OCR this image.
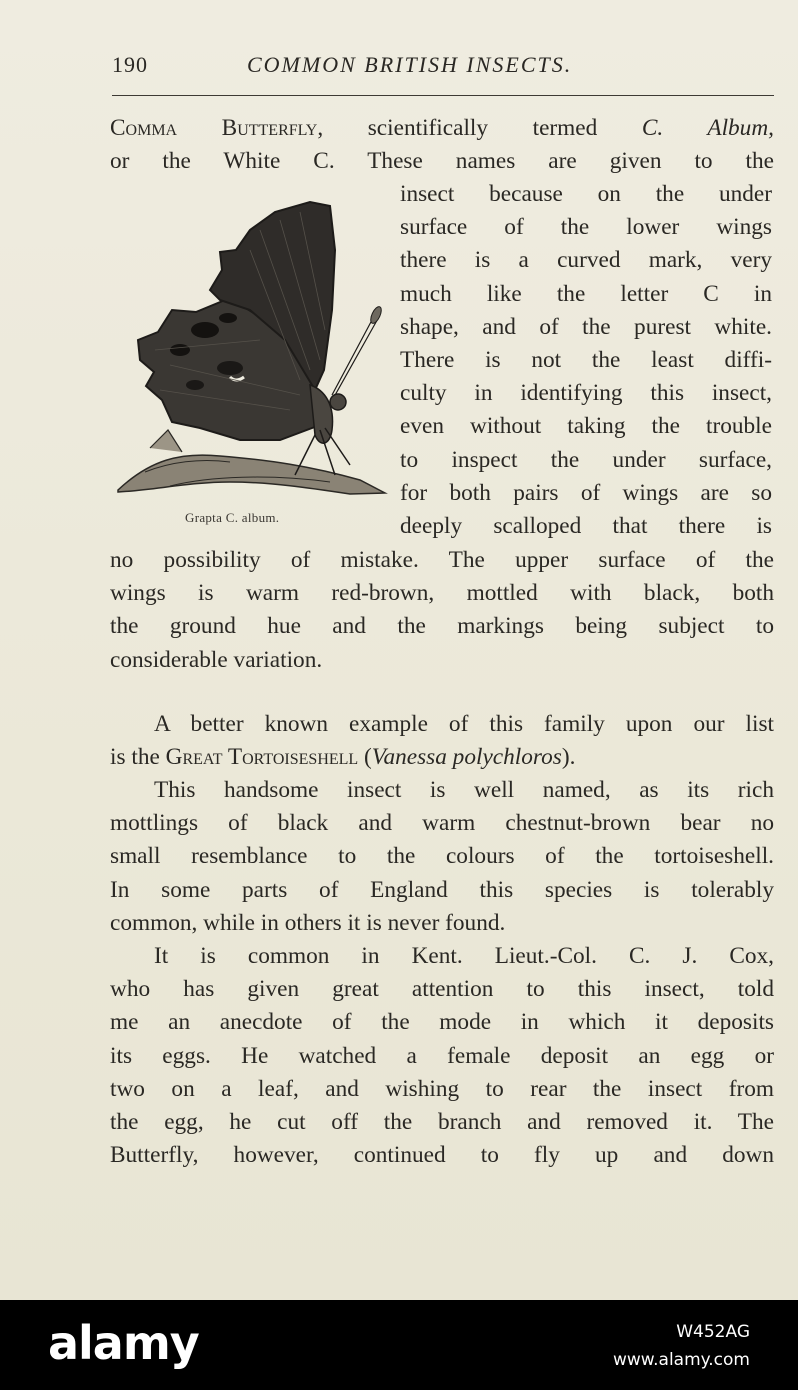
190	COMMON BRITISH INSECTS.
Comma Butterfly, scientifically termed C. Album,
or the White C. These names are given to the
insect because on the under
surface of the lower wings
there is a curved mark, very
much like the letter C in
shape, and of the purest white.
There is not the least diffi-
culty in identifying this insect,
even without taking the trouble
to inspect the under surface,
for both pairs of wings are so
deeply scalloped that there is
Grapta C. album.
no possibility of mistake. The upper surface of the
wings is warm red-brown, mottled with black, both
the ground hue and the markings being subject to
considerable variation.
A better known example of this family upon our list
is the Great Tortoiseshell (Vanessa polychloros).
This handsome insect is well named, as its rich
mottlings of black and warm chestnut-brown bear no
small resemblance to the colours of the tortoiseshell.
In some parts of England this species is tolerably
common, while in others it is never found.
It is common in Kent. Lieut.-Col. C. J. Cox,
who has given great attention to this insect, told
me an anecdote of the mode in which it deposits
its eggs. He watched a female deposit an egg or
two on a leaf, and wishing to rear the insect from
the egg, he cut off the branch and removed it. The
Butterfly, however, continued to fly up and down
alamy	W452AG
www.alamy.com
